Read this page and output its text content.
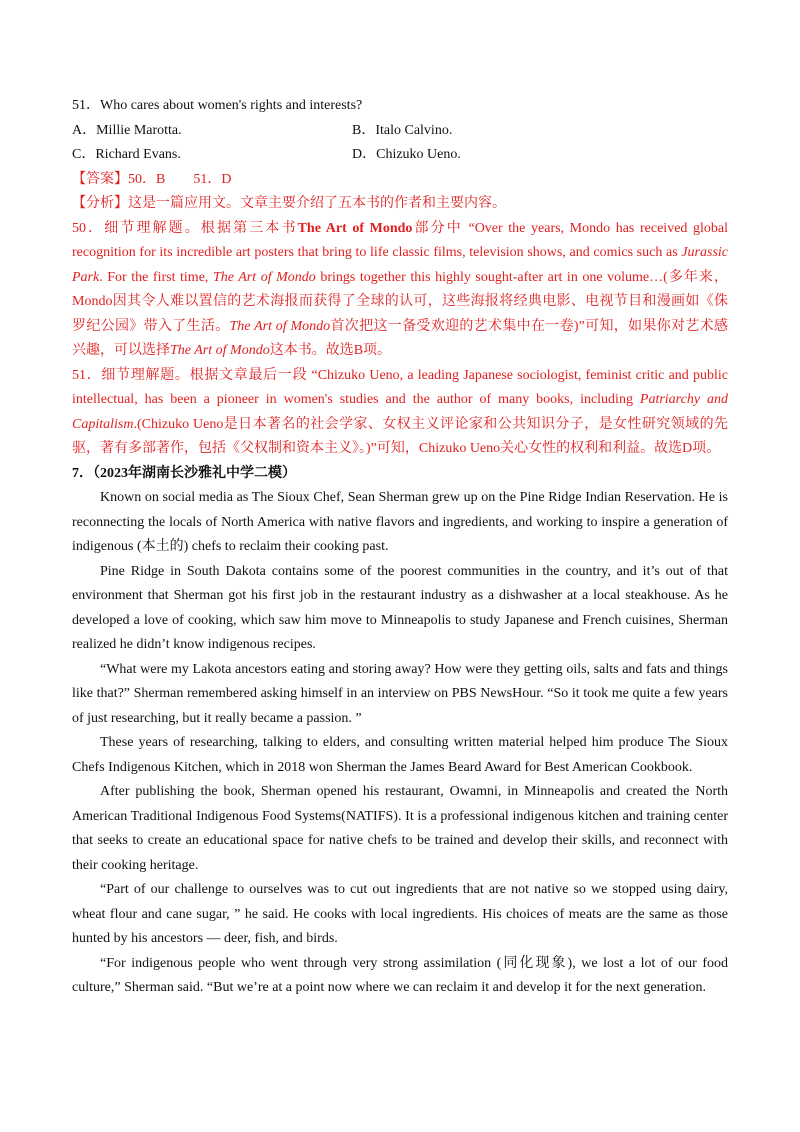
51．Who cares about women's rights and interests?

A．Millie Marotta.	B．Italo Calvino.
C．Richard Evans.	D．Chizuko Ueno.

【答案】50．B　　51．D

【分析】这是一篇应用文。文章主要介绍了五本书的作者和主要内容。

50．细节理解题。根据第三本书The Art of Mondo部分中 “Over the years, Mondo has received global recognition for its incredible art posters that bring to life classic films, television shows, and comics such as Jurassic Park. For the first time, The Art of Mondo brings together this highly sought-after art in one volume…(多年来，Mondo因其令人难以置信的艺术海报而获得了全球的认可，这些海报将经典电影、电视节目和漫画如《侏罗纪公园》带入了生活。The Art of Mondo首次把这一备受欢迎的艺术集中在一卷)”可知，如果你对艺术感兴趣，可以选择The Art of Mondo这本书。故选B项。

51．细节理解题。根据文章最后一段 “Chizuko Ueno, a leading Japanese sociologist, feminist critic and public intellectual, has been a pioneer in women's studies and the author of many books, including Patriarchy and Capitalism.(Chizuko Ueno是日本著名的社会学家、女权主义评论家和公共知识分子，是女性研究领域的先驱，著有多部著作，包括《父权制和资本主义》。)”可知，Chizuko Ueno关心女性的权利和利益。故选D项。

7．（2023年湖南长沙雅礼中学二模）

Known on social media as The Sioux Chef, Sean Sherman grew up on the Pine Ridge Indian Reservation. He is reconnecting the locals of North America with native flavors and ingredients, and working to inspire a generation of indigenous (本土的) chefs to reclaim their cooking past.

Pine Ridge in South Dakota contains some of the poorest communities in the country, and it’s out of that environment that Sherman got his first job in the restaurant industry as a dishwasher at a local steakhouse. As he developed a love of cooking, which saw him move to Minneapolis to study Japanese and French cuisines, Sherman realized he didn’t know indigenous recipes.

“What were my Lakota ancestors eating and storing away? How were they getting oils, salts and fats and things like that?” Sherman remembered asking himself in an interview on PBS NewsHour. “So it took me quite a few years of just researching, but it really became a passion. ”

These years of researching, talking to elders, and consulting written material helped him produce The Sioux Chefs Indigenous Kitchen, which in 2018 won Sherman the James Beard Award for Best American Cookbook.

After publishing the book, Sherman opened his restaurant, Owamni, in Minneapolis and created the North American Traditional Indigenous Food Systems(NATIFS). It is a professional indigenous kitchen and training center that seeks to create an educational space for native chefs to be trained and develop their skills, and reconnect with their cooking heritage.

“Part of our challenge to ourselves was to cut out ingredients that are not native so we stopped using dairy, wheat flour and cane sugar, ” he said. He cooks with local ingredients. His choices of meats are the same as those hunted by his ancestors — deer, fish, and birds.

“For indigenous people who went through very strong assimilation (同化现象), we lost a lot of our food culture,” Sherman said. “But we’re at a point now where we can reclaim it and develop it for the next generation.
